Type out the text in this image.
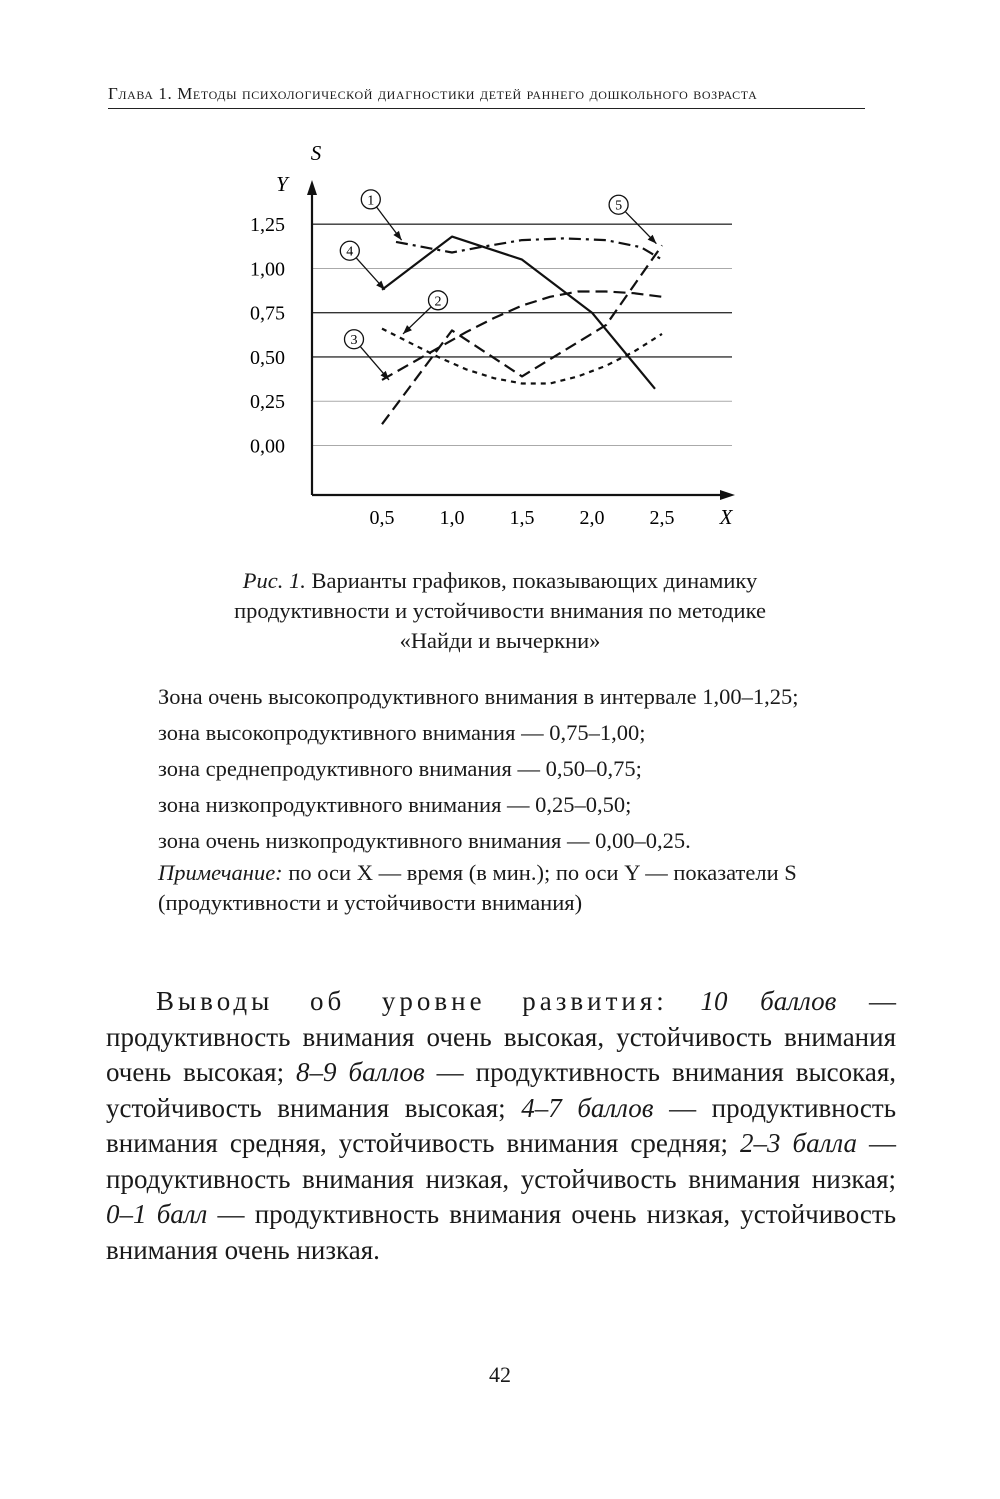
Глава 1. Методы психологической диагностики детей раннего дошкольного возраста
S
Y
X
0,00
0,25
0,50
0,75
1,00
1,25
0,5 1,0 1,5 2,0 2,5
1
4
2
3
5
Рис. 1. Варианты графиков, показывающих динамику
продуктивности и устойчивости внимания по методике
«Найди и вычеркни»

Зона очень высокопродуктивного внимания в интервале 1,00–1,25;

зона высокопродуктивного внимания — 0,75–1,00;

зона среднепродуктивного внимания — 0,50–0,75;

зона низкопродуктивного внимания — 0,25–0,50;

зона очень низкопродуктивного внимания — 0,00–0,25.

Примечание: по оси X — время (в мин.); по оси Y — показатели S (продуктивности и устойчивости внимания)

Выводы об уровне развития: 10 баллов — продуктивность внимания очень высокая, устойчивость внимания очень высокая; 8–9 баллов — продуктивность внимания высокая, устойчивость внимания высокая; 4–7 баллов — продуктивность внимания средняя, устойчивость внимания средняя; 2–3 балла — продуктивность внимания низкая, устойчивость внимания низкая; 0–1 балл — продуктивность внимания очень низкая, устойчивость внимания очень низкая.

42
